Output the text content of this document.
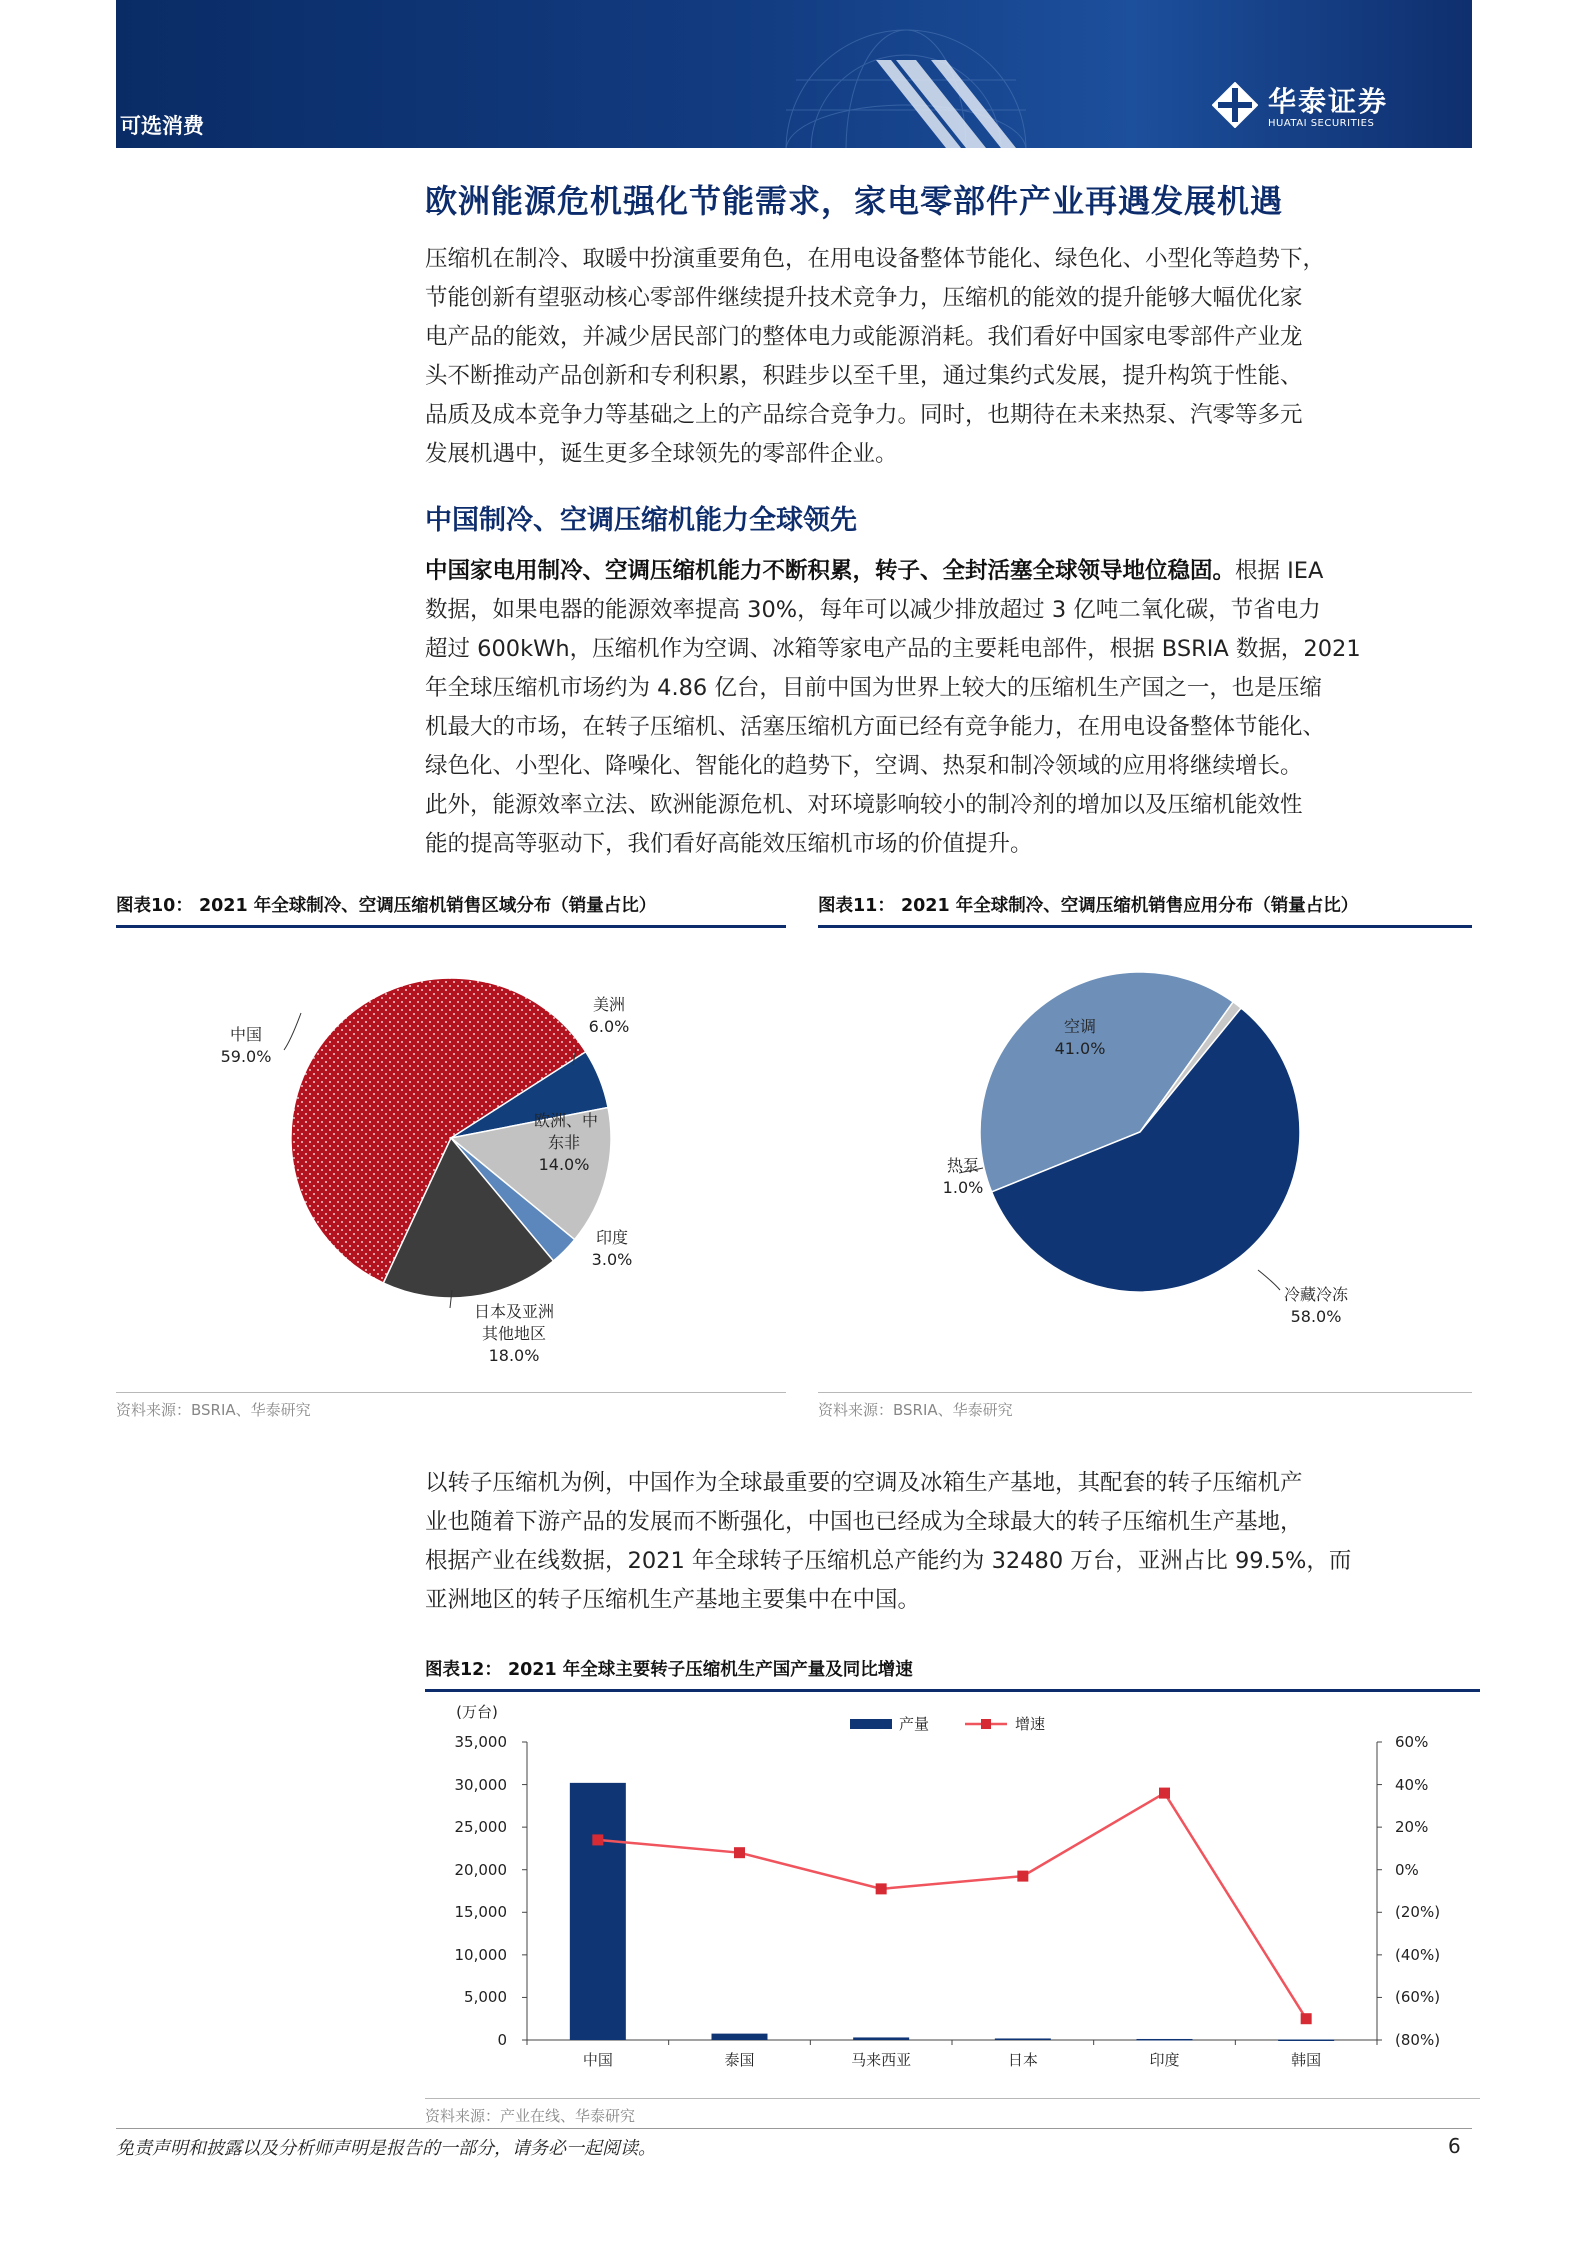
可选消费
华泰证券
HUATAI SECURITIES
欧洲能源危机强化节能需求，家电零部件产业再遇发展机遇
压缩机在制冷、取暖中扮演重要角色，在用电设备整体节能化、绿色化、小型化等趋势下，
节能创新有望驱动核心零部件继续提升技术竞争力，压缩机的能效的提升能够大幅优化家
电产品的能效，并减少居民部门的整体电力或能源消耗。我们看好中国家电零部件产业龙
头不断推动产品创新和专利积累，积跬步以至千里，通过集约式发展，提升构筑于性能、
品质及成本竞争力等基础之上的产品综合竞争力。同时，也期待在未来热泵、汽零等多元
发展机遇中，诞生更多全球领先的零部件企业。
中国制冷、空调压缩机能力全球领先
中国家电用制冷、空调压缩机能力不断积累，转子、全封活塞全球领导地位稳固。根据 IEA
数据，如果电器的能源效率提高 30%，每年可以减少排放超过 3 亿吨二氧化碳，节省电力
超过 600kWh，压缩机作为空调、冰箱等家电产品的主要耗电部件，根据 BSRIA 数据，2021
年全球压缩机市场约为 4.86 亿台，目前中国为世界上较大的压缩机生产国之一，也是压缩
机最大的市场，在转子压缩机、活塞压缩机方面已经有竞争能力，在用电设备整体节能化、
绿色化、小型化、降噪化、智能化的趋势下，空调、热泵和制冷领域的应用将继续增长。
此外，能源效率立法、欧洲能源危机、对环境影响较小的制冷剂的增加以及压缩机能效性
能的提高等驱动下，我们看好高能效压缩机市场的价值提升。
图表10： 2021 年全球制冷、空调压缩机销售区域分布（销量占比）
中国
59.0%
美洲
6.0%
欧洲、中
东非
14.0%
印度
3.0%
日本及亚洲
其他地区
18.0%
资料来源：BSRIA、华泰研究
图表11： 2021 年全球制冷、空调压缩机销售应用分布（销量占比）
空调
41.0%
热泵
1.0%
冷藏冷冻
58.0%
资料来源：BSRIA、华泰研究
以转子压缩机为例，中国作为全球最重要的空调及冰箱生产基地，其配套的转子压缩机产
业也随着下游产品的发展而不断强化，中国也已经成为全球最大的转子压缩机生产基地，
根据产业在线数据，2021 年全球转子压缩机总产能约为 32480 万台，亚洲占比 99.5%，而
亚洲地区的转子压缩机生产基地主要集中在中国。
图表12： 2021 年全球主要转子压缩机生产国产量及同比增速
(万台)
产量	增速
35,000
30,000
25,000
20,000
15,000
10,000
5,000
0
60%
40%
20%
0%
(20%)
(40%)
(60%)
(80%)
中国	泰国	马来西亚	日本	印度	韩国
资料来源：产业在线、华泰研究
免责声明和披露以及分析师声明是报告的一部分，请务必一起阅读。	6
